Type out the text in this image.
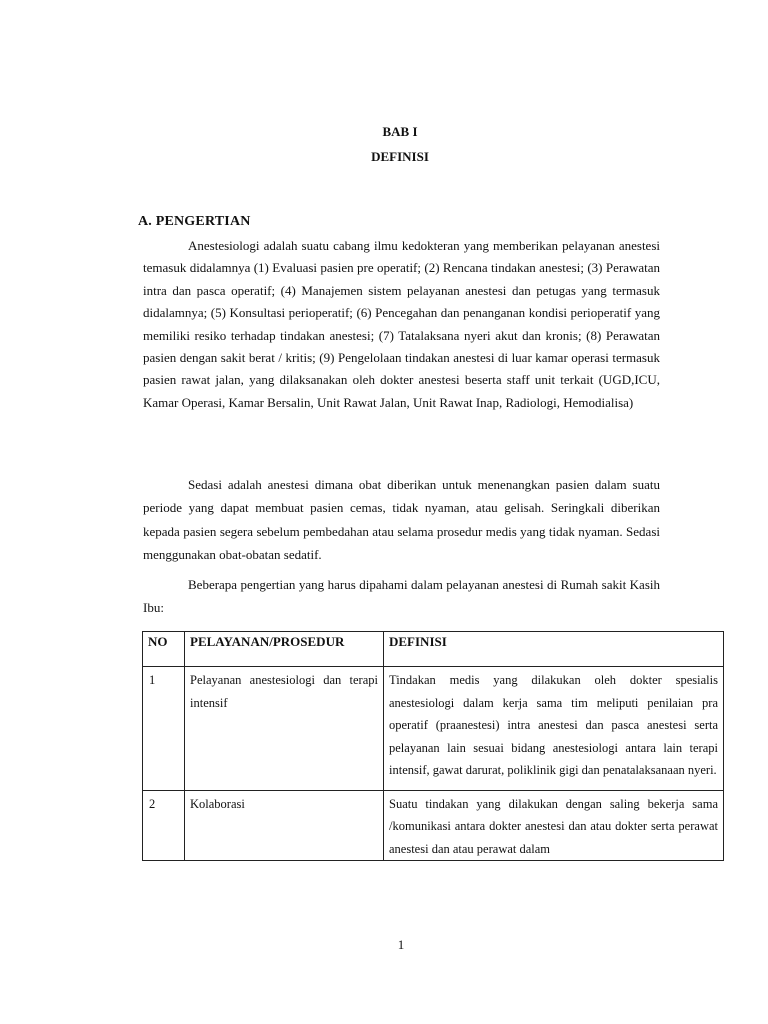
BAB I
DEFINISI
A. PENGERTIAN

Anestesiologi adalah suatu cabang ilmu kedokteran yang memberikan pelayanan anestesi temasuk didalamnya (1) Evaluasi pasien pre operatif; (2) Rencana tindakan anestesi; (3) Perawatan intra dan pasca operatif; (4) Manajemen sistem pelayanan anestesi dan petugas yang termasuk didalamnya; (5) Konsultasi perioperatif; (6) Pencegahan dan penanganan kondisi perioperatif yang memiliki resiko terhadap tindakan anestesi; (7) Tatalaksana nyeri akut dan kronis; (8) Perawatan pasien dengan sakit berat / kritis; (9) Pengelolaan tindakan anestesi di luar kamar operasi termasuk pasien rawat jalan, yang dilaksanakan oleh dokter anestesi beserta staff unit terkait (UGD,ICU, Kamar Operasi, Kamar Bersalin, Unit Rawat Jalan, Unit Rawat Inap, Radiologi, Hemodialisa)

Sedasi adalah anestesi dimana obat diberikan untuk menenangkan pasien dalam suatu periode yang dapat membuat pasien cemas, tidak nyaman, atau gelisah. Seringkali diberikan kepada pasien segera sebelum pembedahan atau selama prosedur medis yang tidak nyaman. Sedasi menggunakan obat-obatan sedatif.

Beberapa pengertian yang harus dipahami dalam pelayanan anestesi di Rumah sakit Kasih Ibu:

NO	PELAYANAN/PROSEDUR	DEFINISI
1	Pelayanan anestesiologi dan terapi intensif	Tindakan medis yang dilakukan oleh dokter spesialis anestesiologi dalam kerja sama tim meliputi penilaian pra operatif (praanestesi) intra anestesi dan pasca anestesi serta pelayanan lain sesuai bidang anestesiologi antara lain terapi intensif, gawat darurat, poliklinik gigi dan penatalaksanaan nyeri.
2	Kolaborasi	Suatu tindakan yang dilakukan dengan saling bekerja sama /komunikasi antara dokter anestesi dan atau dokter serta perawat anestesi dan atau perawat dalam
1
